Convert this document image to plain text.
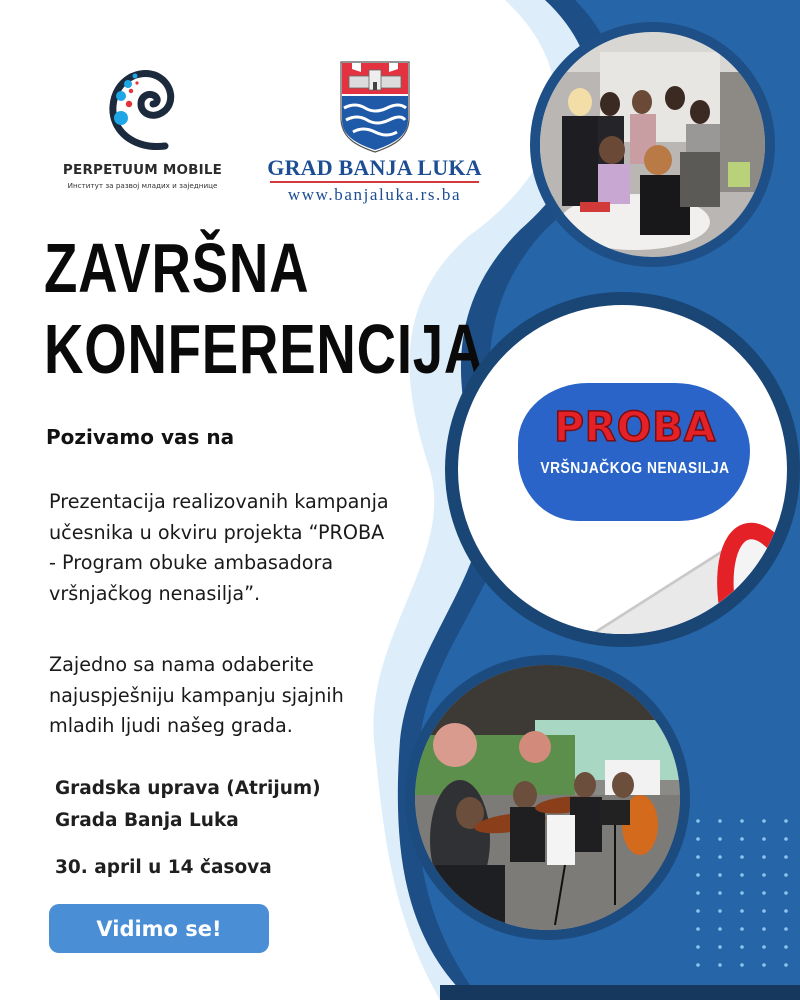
PERPETUUM MOBILE
Институт за развој младих и заједнице
GRAD BANJA LUKA
www.banjaluka.rs.ba
ZAVRŠNA
KONFERENCIJA
Pozivamo vas na
Prezentacija realizovanih kampanja
učesnika u okviru projekta “PROBA
- Program obuke ambasadora
vršnjačkog nenasilja”.
Zajedno sa nama odaberite
najuspješniju kampanju sjajnih
mladih ljudi našeg grada.
Gradska uprava (Atrijum)
Grada Banja Luka
30. april u 14 časova
Vidimo se!
PROBA
VRŠNJAČKOG NENASILJA
